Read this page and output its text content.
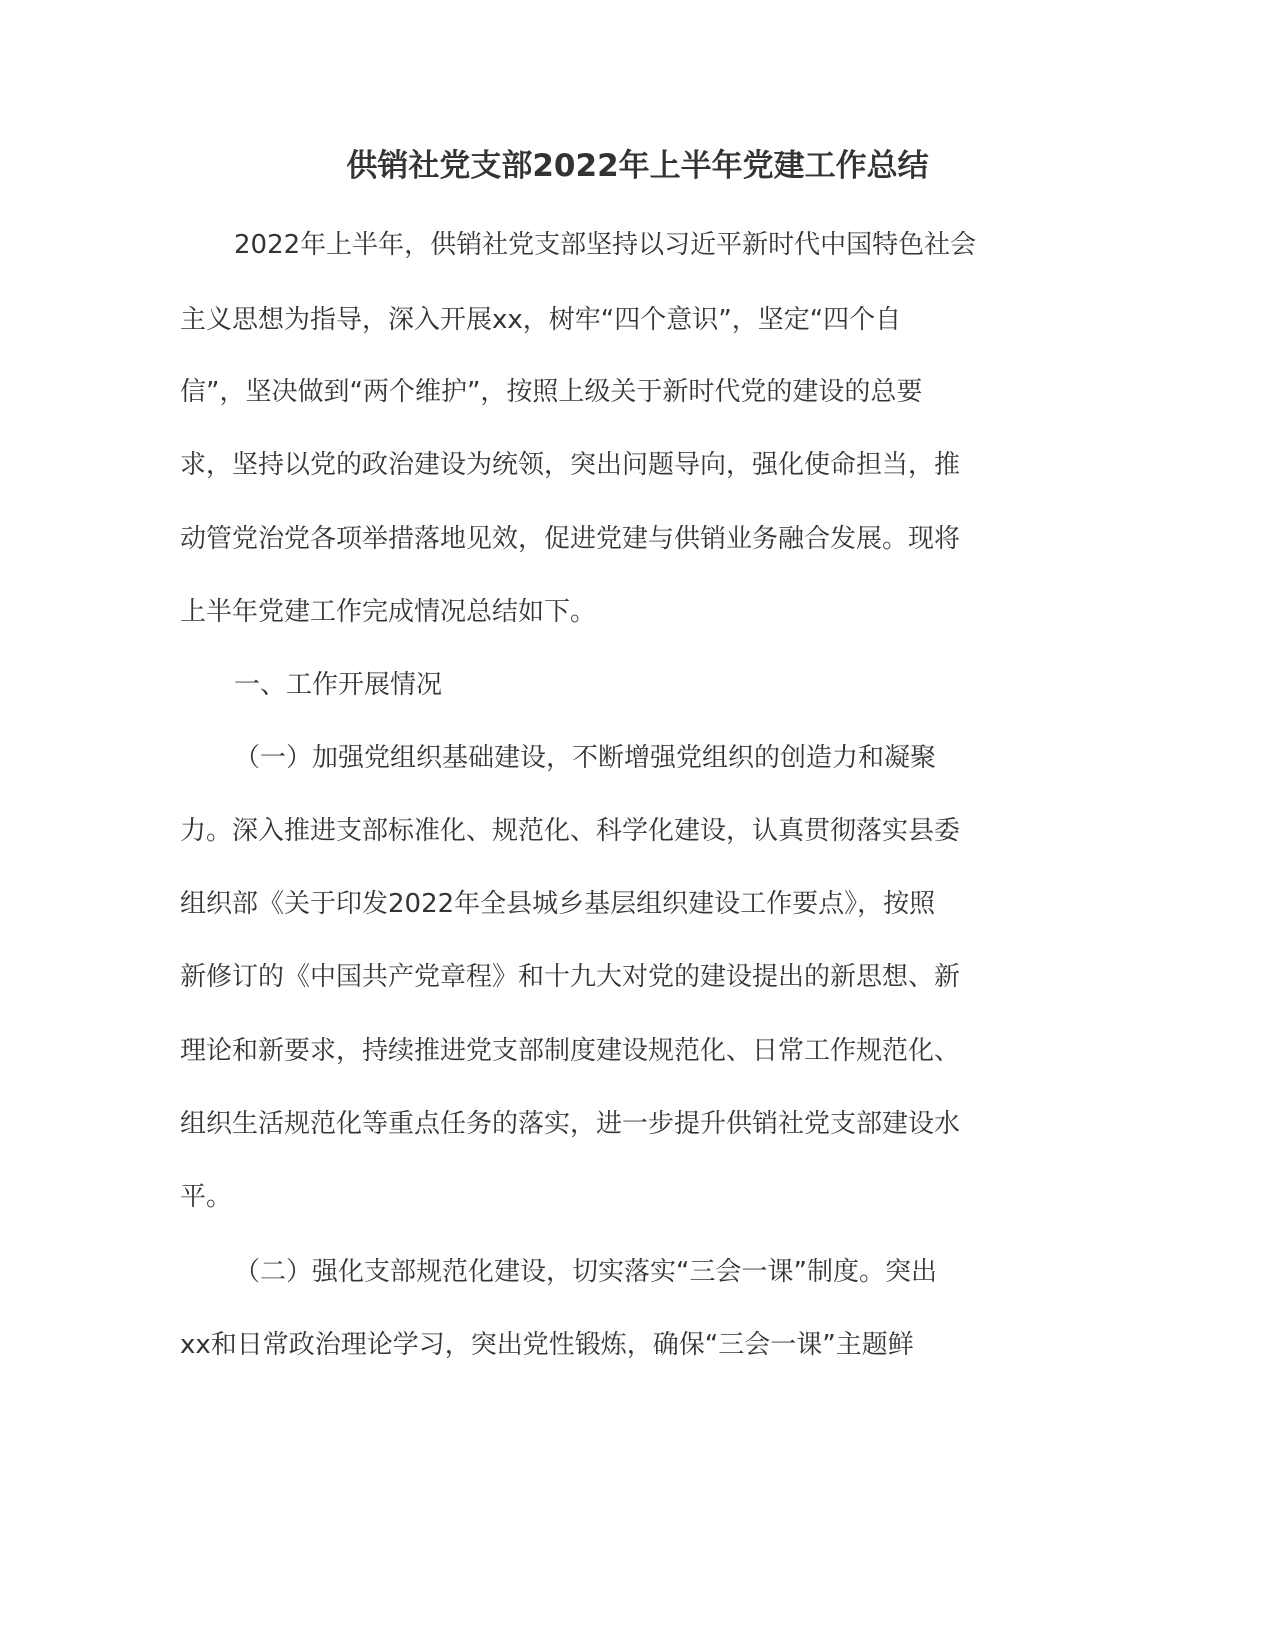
供销社党支部2022年上半年党建工作总结

2022年上半年，供销社党支部坚持以习近平新时代中国特色社会

主义思想为指导，深入开展xx，树牢“四个意识”，坚定“四个自

信”，坚决做到“两个维护”，按照上级关于新时代党的建设的总要

求，坚持以党的政治建设为统领，突出问题导向，强化使命担当，推

动管党治党各项举措落地见效，促进党建与供销业务融合发展。现将

上半年党建工作完成情况总结如下。

一、工作开展情况

（一）加强党组织基础建设，不断增强党组织的创造力和凝聚

力。深入推进支部标准化、规范化、科学化建设，认真贯彻落实县委

组织部《关于印发2022年全县城乡基层组织建设工作要点》，按照

新修订的《中国共产党章程》和十九大对党的建设提出的新思想、新

理论和新要求，持续推进党支部制度建设规范化、日常工作规范化、

组织生活规范化等重点任务的落实，进一步提升供销社党支部建设水

平。

（二）强化支部规范化建设，切实落实“三会一课”制度。突出

xx和日常政治理论学习，突出党性锻炼，确保“三会一课”主题鲜
